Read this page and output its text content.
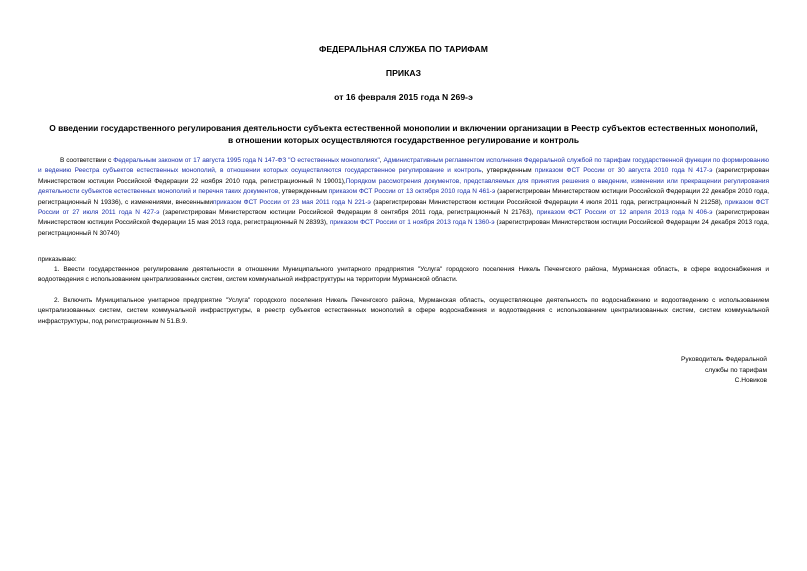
ФЕДЕРАЛЬНАЯ СЛУЖБА ПО ТАРИФАМ
ПРИКАЗ
от 16 февраля 2015 года N 269-э
О введении государственного регулирования деятельности субъекта естественной монополии и включении организации в Реестр субъектов естественных монополий, в отношении которых осуществляются государственное регулирование и контроль
В соответствии с Федеральным законом от 17 августа 1995 года N 147-ФЗ "О естественных монополиях", Административным регламентом исполнения Федеральной службой по тарифам государственной функции по формированию и ведению Реестра субъектов естественных монополий, в отношении которых осуществляются государственное регулирование и контроль, утвержденным приказом ФСТ России от 30 августа 2010 года N 417-э (зарегистрирован Министерством юстиции Российской Федерации 22 ноября 2010 года, регистрационный N 19001),Порядком рассмотрения документов, представляемых для принятия решения о введении, изменении или прекращении регулирования деятельности субъектов естественных монополий и перечня таких документов, утвержденным приказом ФСТ России от 13 октября 2010 года N 461-э (зарегистрирован Министерством юстиции Российской Федерации 22 декабря 2010 года, регистрационный N 19336), с изменениями, внесеннымиприказом ФСТ России от 23 мая 2011 года N 221-э (зарегистрирован Министерством юстиции Российской Федерации 4 июля 2011 года, регистрационный N 21258), приказом ФСТ России от 27 июля 2011 года N 427-э (зарегистрирован Министерством юстиции Российской Федерации 8 сентября 2011 года, регистрационный N 21763), приказом ФСТ России от 12 апреля 2013 года N 406-э (зарегистрирован Министерством юстиции Российской Федерации 15 мая 2013 года, регистрационный N 28393), приказом ФСТ России от 1 ноября 2013 года N 1360-э (зарегистрирован Министерством юстиции Российской Федерации 24 декабря 2013 года, регистрационный N 30740)
приказываю:
1. Ввести государственное регулирование деятельности в отношении Муниципального унитарного предприятия "Услуга" городского поселения Никель Печенгского района, Мурманская область, в сфере водоснабжения и водоотведения с использованием централизованных систем, систем коммунальной инфраструктуры на территории Мурманской области.
2. Включить Муниципальное унитарное предприятие "Услуга" городского поселения Никель Печенгского района, Мурманская область, осуществляющее деятельность по водоснабжению и водоотведению с использованием централизованных систем, систем коммунальной инфраструктуры, в реестр субъектов естественных монополий в сфере водоснабжения и водоотведения с использованием централизованных систем, систем коммунальной инфраструктуры, под регистрационным N 51.В.9.
Руководитель Федеральной
службы по тарифам
С.Новиков
